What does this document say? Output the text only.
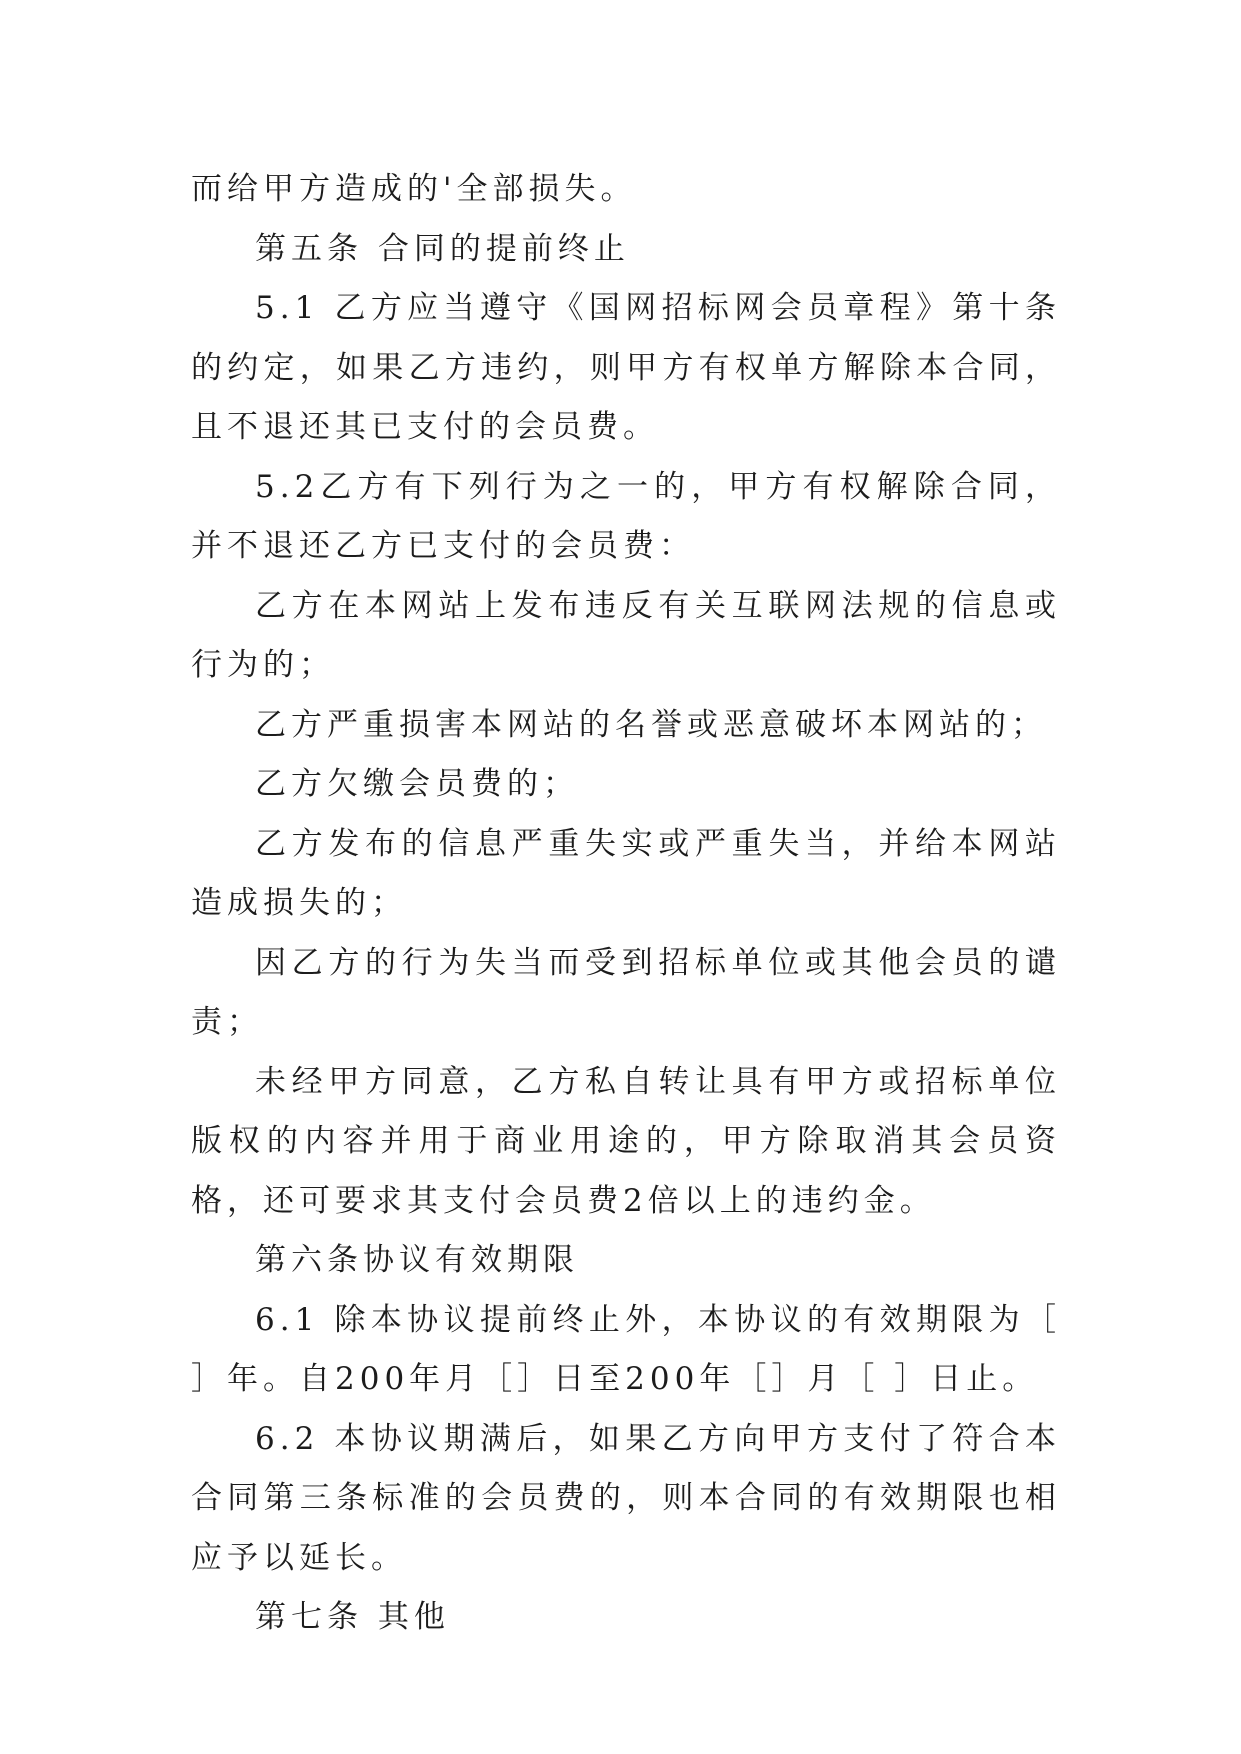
而给甲方造成的'全部损失。

第五条 合同的提前终止

5.1 乙方应当遵守《国网招标网会员章程》第十条的约定，如果乙方违约，则甲方有权单方解除本合同，且不退还其已支付的会员费。

5.2乙方有下列行为之一的，甲方有权解除合同，并不退还乙方已支付的会员费：

乙方在本网站上发布违反有关互联网法规的信息或行为的；

乙方严重损害本网站的名誉或恶意破坏本网站的；

乙方欠缴会员费的；

乙方发布的信息严重失实或严重失当，并给本网站造成损失的；

因乙方的行为失当而受到招标单位或其他会员的谴责；

未经甲方同意，乙方私自转让具有甲方或招标单位版权的内容并用于商业用途的，甲方除取消其会员资格，还可要求其支付会员费2倍以上的违约金。

第六条协议有效期限

6.1 除本协议提前终止外，本协议的有效期限为［ ］年。自200年月［］日至200年［］月［ ］日止。

6.2 本协议期满后，如果乙方向甲方支付了符合本合同第三条标准的会员费的，则本合同的有效期限也相应予以延长。

第七条 其他
